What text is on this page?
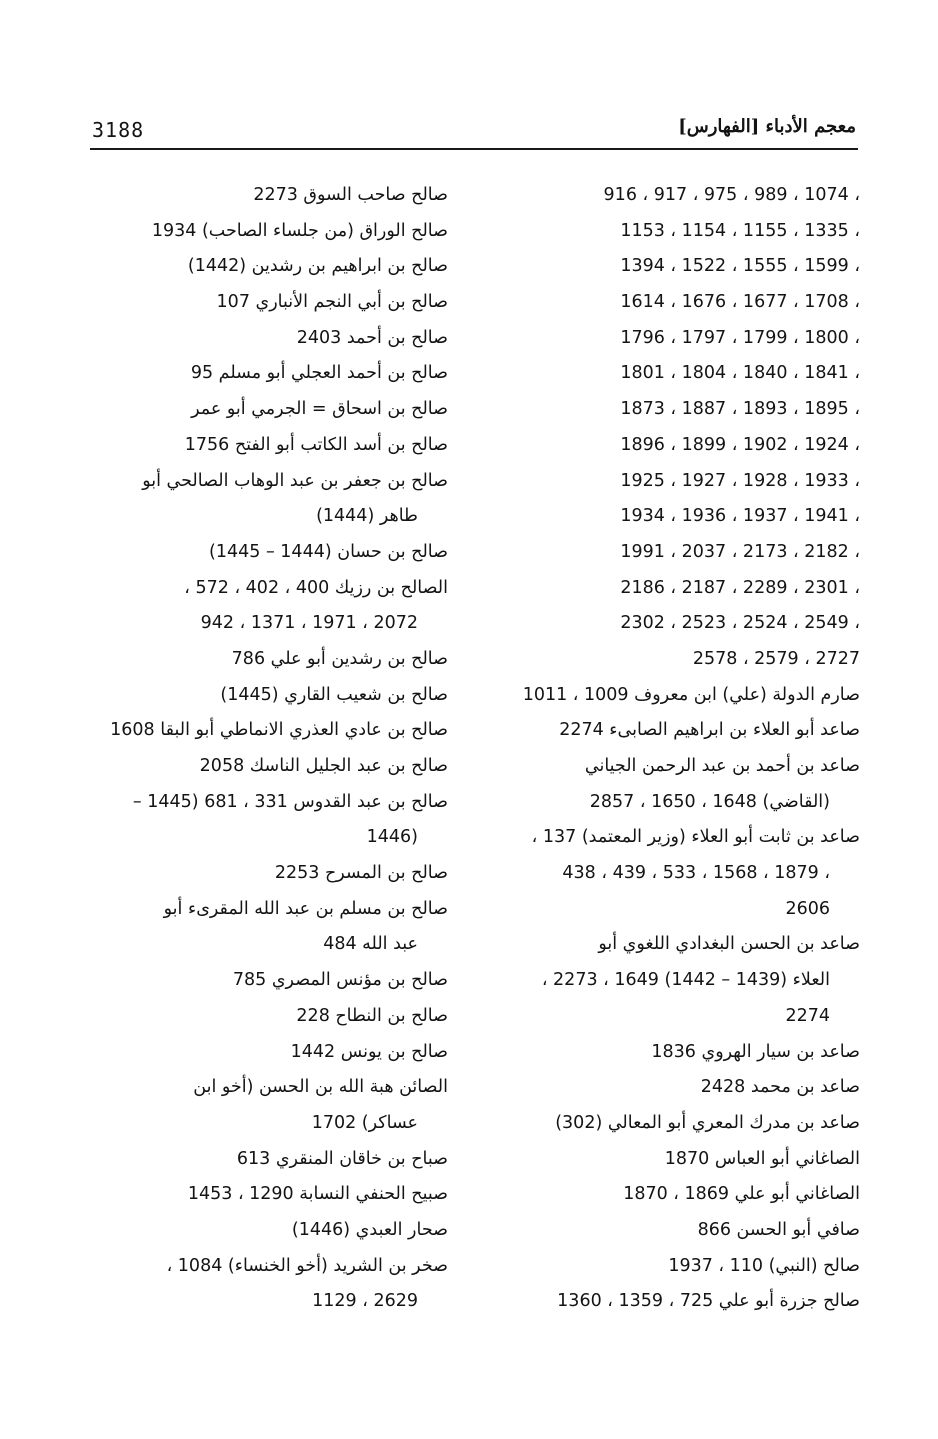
3188	معجم الأدباء [الفهارس]
916 ، 917 ، 975 ، 989 ، 1074 ،
1153 ، 1154 ، 1155 ، 1335 ،
1394 ، 1522 ، 1555 ، 1599 ،
1614 ، 1676 ، 1677 ، 1708 ،
1796 ، 1797 ، 1799 ، 1800 ،
1801 ، 1804 ، 1840 ، 1841 ،
1873 ، 1887 ، 1893 ، 1895 ،
1896 ، 1899 ، 1902 ، 1924 ،
1925 ، 1927 ، 1928 ، 1933 ،
1934 ، 1936 ، 1937 ، 1941 ،
1991 ، 2037 ، 2173 ، 2182 ،
2186 ، 2187 ، 2289 ، 2301 ،
2302 ، 2523 ، 2524 ، 2549 ،
2578 ، 2579 ، 2727
صارم الدولة (علي) ابن معروف 1009 ، 1011
صاعد أبو العلاء بن ابراهيم الصابىء 2274
صاعد بن أحمد بن عبد الرحمن الجياني
(القاضي) 1648 ، 1650 ، 2857
صاعد بن ثابت أبو العلاء (وزير المعتمد) 137 ،
438 ، 439 ، 533 ، 1568 ، 1879 ،
2606
صاعد بن الحسن البغدادي اللغوي أبو
العلاء (1439 – 1442) 1649 ، 2273 ،
2274
صاعد بن سيار الهروي 1836
صاعد بن محمد 2428
صاعد بن مدرك المعري أبو المعالي (302)
الصاغاني أبو العباس 1870
الصاغاني أبو علي 1869 ، 1870
صافي أبو الحسن 866
صالح (النبي) 110 ، 1937
صالح جزرة أبو علي 725 ، 1359 ، 1360
صالح صاحب السوق 2273
صالح الوراق (من جلساء الصاحب) 1934
صالح بن ابراهيم بن رشدين (1442)
صالح بن أبي النجم الأنباري 107
صالح بن أحمد 2403
صالح بن أحمد العجلي أبو مسلم 95
صالح بن اسحاق = الجرمي أبو عمر
صالح بن أسد الكاتب أبو الفتح 1756
صالح بن جعفر بن عبد الوهاب الصالحي أبو
طاهر (1444)
صالح بن حسان (1444 – 1445)
الصالح بن رزيك 400 ، 402 ، 572 ،
942 ، 1371 ، 1971 ، 2072
صالح بن رشدين أبو علي 786
صالح بن شعيب القاري (1445)
صالح بن عادي العذري الانماطي أبو البقا 1608
صالح بن عبد الجليل الناسك 2058
صالح بن عبد القدوس 331 ، 681 (1445 –
1446)
صالح بن المسرح 2253
صالح بن مسلم بن عبد الله المقرىء أبو
عبد الله 484
صالح بن مؤنس المصري 785
صالح بن النطاح 228
صالح بن يونس 1442
الصائن هبة الله بن الحسن (أخو ابن
عساكر) 1702
صباح بن خاقان المنقري 613
صبيح الحنفي النسابة 1290 ، 1453
صحار العبدي (1446)
صخر بن الشريد (أخو الخنساء) 1084 ،
1129 ، 2629
